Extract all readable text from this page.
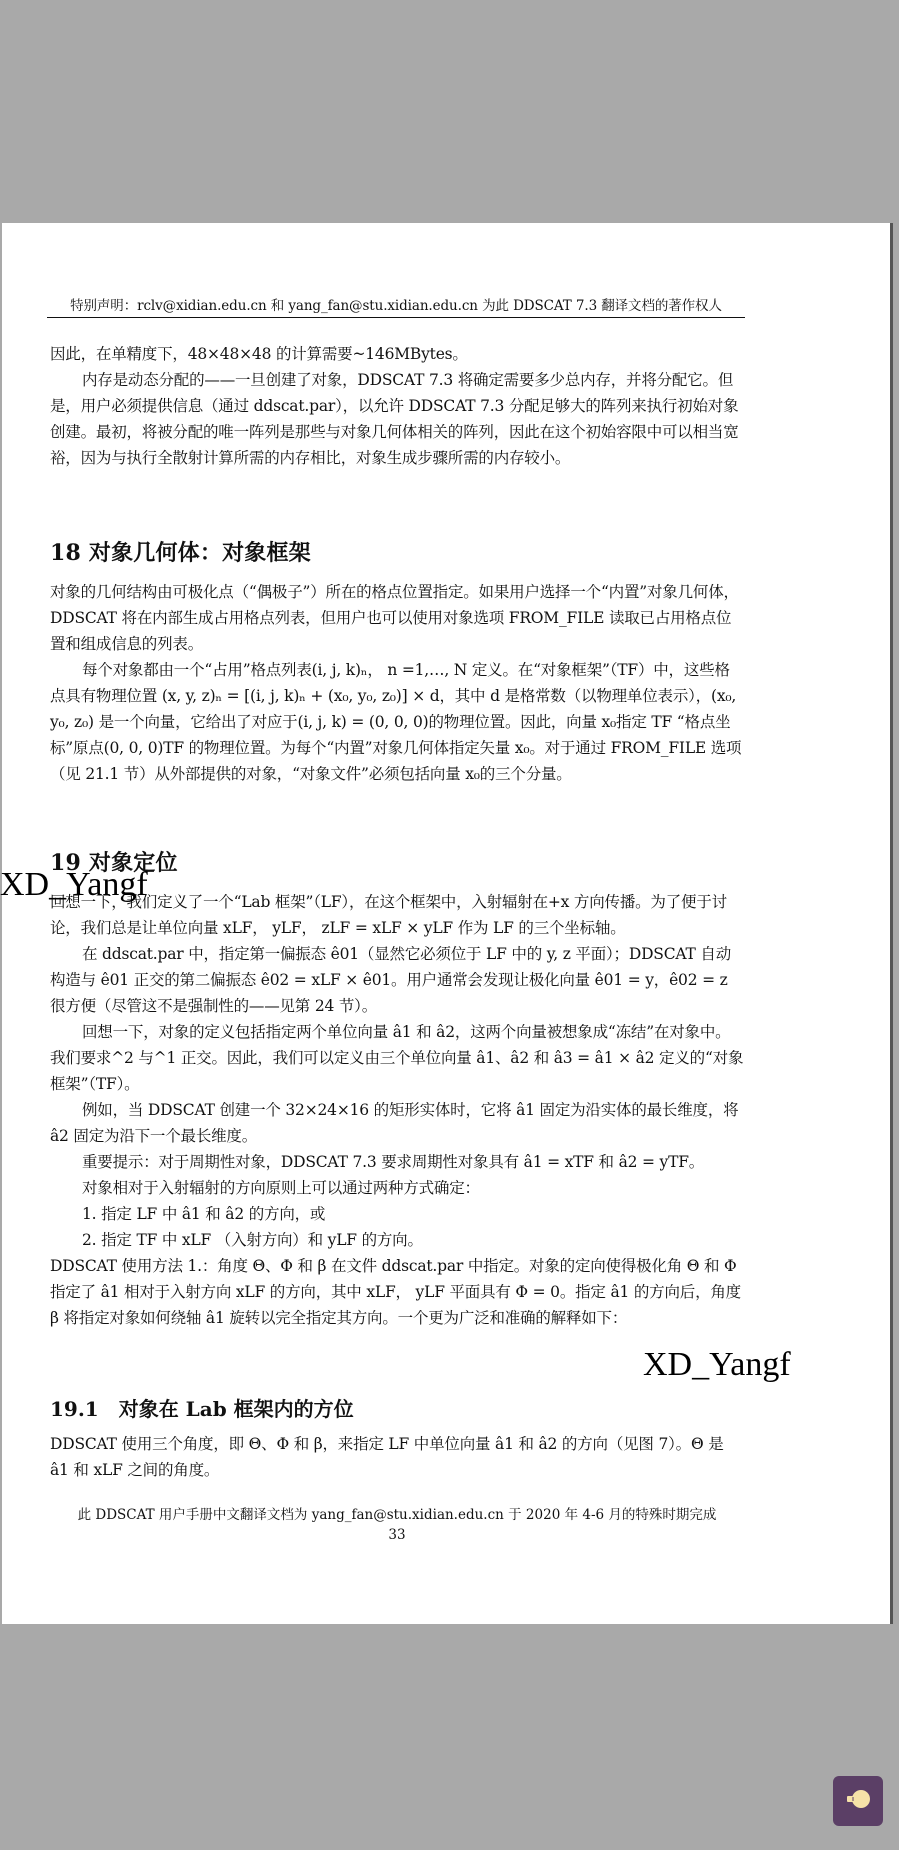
特别声明：rclv@xidian.edu.cn 和 yang_fan@stu.xidian.edu.cn 为此 DDSCAT 7.3 翻译文档的著作权人

因此，在单精度下，48×48×48 的计算需要~146MBytes。

内存是动态分配的——一旦创建了对象，DDSCAT 7.3 将确定需要多少总内存，并将分配它。但是，用户必须提供信息（通过 ddscat.par），以允许 DDSCAT 7.3 分配足够大的阵列来执行初始对象创建。最初，将被分配的唯一阵列是那些与对象几何体相关的阵列，因此在这个初始容限中可以相当宽裕，因为与执行全散射计算所需的内存相比，对象生成步骤所需的内存较小。

18 对象几何体：对象框架

对象的几何结构由可极化点（“偶极子”）所在的格点位置指定。如果用户选择一个“内置”对象几何体，DDSCAT 将在内部生成占用格点列表，但用户也可以使用对象选项 FROM_FILE 读取已占用格点位置和组成信息的列表。

每个对象都由一个“占用”格点列表(i, j, k)ₙ， n =1,…, N 定义。在“对象框架”（TF）中，这些格点具有物理位置 (x, y, z)ₙ = [(i, j, k)ₙ + (x₀, y₀, z₀)] × d，其中 d 是格常数（以物理单位表示），(x₀, y₀, z₀) 是一个向量，它给出了对应于(i, j, k) = (0, 0, 0)的物理位置。因此，向量 x₀指定 TF “格点坐标”原点(0, 0, 0)TF 的物理位置。为每个“内置”对象几何体指定矢量 x₀。对于通过 FROM_FILE 选项（见 21.1 节）从外部提供的对象，“对象文件”必须包括向量 x₀的三个分量。

19 对象定位

回想一下，我们定义了一个“Lab 框架”（LF），在这个框架中，入射辐射在+x 方向传播。为了便于讨论，我们总是让单位向量 xLF， yLF， zLF = xLF × yLF 作为 LF 的三个坐标轴。

在 ddscat.par 中，指定第一偏振态 ê01（显然它必须位于 LF 中的 y, z 平面）；DDSCAT 自动构造与 ê01 正交的第二偏振态 ê02 = xLF × ê01。用户通常会发现让极化向量 ê01 = y，ê02 = z 很方便（尽管这不是强制性的——见第 24 节）。

回想一下，对象的定义包括指定两个单位向量 â1 和 â2，这两个向量被想象成“冻结”在对象中。我们要求^2 与^1 正交。因此，我们可以定义由三个单位向量 â1、â2 和 â3 = â1 × â2 定义的“对象框架”（TF）。

例如，当 DDSCAT 创建一个 32×24×16 的矩形实体时，它将 â1 固定为沿实体的最长维度，将 â2 固定为沿下一个最长维度。

重要提示：对于周期性对象，DDSCAT 7.3 要求周期性对象具有 â1 = xTF 和 â2 = yTF。

对象相对于入射辐射的方向原则上可以通过两种方式确定：

1. 指定 LF 中 â1 和 â2 的方向，或

2. 指定 TF 中 xLF （入射方向）和 yLF 的方向。

DDSCAT 使用方法 1.：角度 Θ、Φ 和 β 在文件 ddscat.par 中指定。对象的定向使得极化角 Θ 和 Φ 指定了 â1 相对于入射方向 xLF 的方向，其中 xLF， yLF 平面具有 Φ = 0。指定 â1 的方向后，角度 β 将指定对象如何绕轴 â1 旋转以完全指定其方向。一个更为广泛和准确的解释如下：

19.1　对象在 Lab 框架内的方位

DDSCAT 使用三个角度，即 Θ、Φ 和 β，来指定 LF 中单位向量 â1 和 â2 的方向（见图 7）。Θ 是 â1 和 xLF 之间的角度。

此 DDSCAT 用户手册中文翻译文档为 yang_fan@stu.xidian.edu.cn 于 2020 年 4-6 月的特殊时期完成
33
XD_Yangf
XD_Yangf
